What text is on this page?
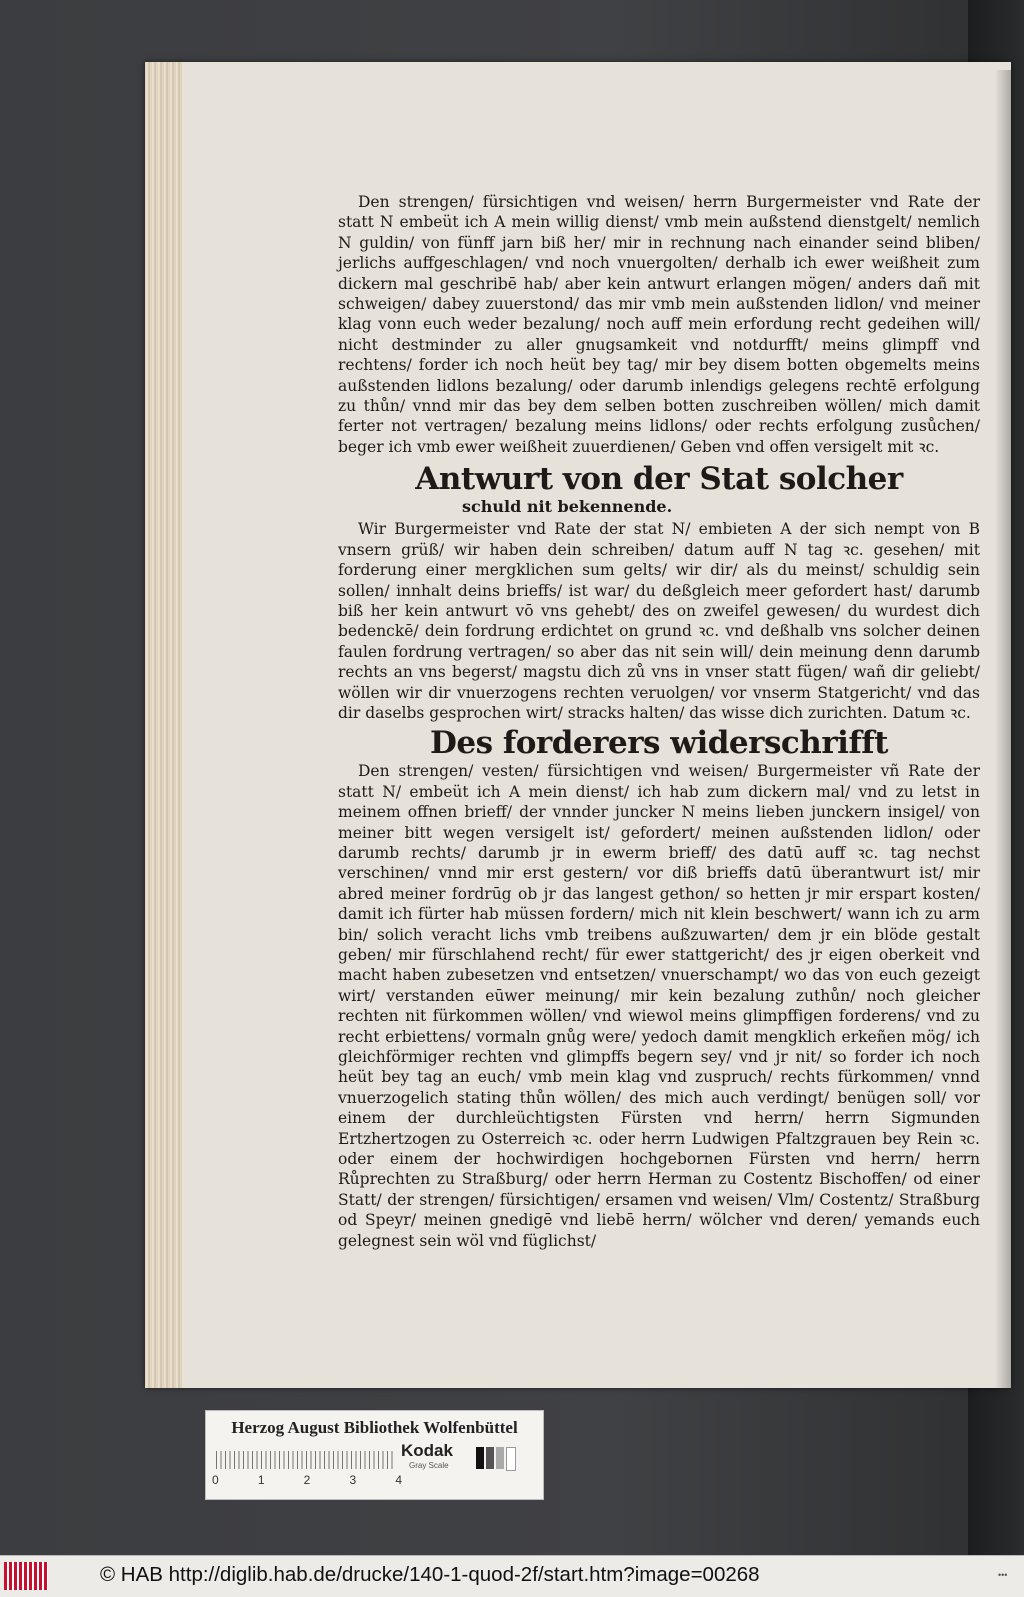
Den strengen/ fürsichtigen vnd weisen/ herrn Burgermeister vnd Rate der statt N embeüt ich A mein willig dienst/ vmb mein außstend dienstgelt/ nemlich N guldin/ von fünff jarn biß her/ mir in rechnung nach einander seind bliben/ jerlichs auffgeschlagen/ vnd noch vnuergolten/ derhalb ich ewer weißheit zum dickern mal geschribē hab/ aber kein antwurt erlangen mögen/ anders dañ mit schweigen/ dabey zuuerstond/ das mir vmb mein außstenden lidlon/ vnd meiner klag vonn euch weder bezalung/ noch auff mein erfordung recht gedeihen will/ nicht destminder zu aller gnugsamkeit vnd notdurfft/ meins glimpff vnd rechtens/ forder ich noch heüt bey tag/ mir bey disem botten obgemelts meins außstenden lidlons bezalung/ oder darumb inlendigs gelegens rechtē erfolgung zu thůn/ vnnd mir das bey dem selben botten zuschreiben wöllen/ mich damit ferter not vertragen/ bezalung meins lidlons/ oder rechts erfolgung zusůchen/ beger ich vmb ewer weißheit zuuerdienen/ Geben vnd offen versigelt mit ꝛc.

Antwurt von der Stat solcher
schuld nit bekennende.

Wir Burgermeister vnd Rate der stat N/ embieten A der sich nempt von B vnsern grüß/ wir haben dein schreiben/ datum auff N tag ꝛc. gesehen/ mit forderung einer mergklichen sum gelts/ wir dir/ als du meinst/ schuldig sein sollen/ innhalt deins brieffs/ ist war/ du deßgleich meer gefordert hast/ darumb biß her kein antwurt vō vns gehebt/ des on zweifel gewesen/ du wurdest dich bedenckē/ dein fordrung erdichtet on grund ꝛc. vnd deßhalb vns solcher deinen faulen fordrung vertragen/ so aber das nit sein will/ dein meinung denn darumb rechts an vns begerst/ magstu dich zů vns in vnser statt fügen/ wañ dir geliebt/ wöllen wir dir vnuerzogens rechten veruolgen/ vor vnserm Statgericht/ vnd das dir daselbs gesprochen wirt/ stracks halten/ das wisse dich zurichten. Datum ꝛc.

Des forderers widerschrifft

Den strengen/ vesten/ fürsichtigen vnd weisen/ Burgermeister vñ Rate der statt N/ embeüt ich A mein dienst/ ich hab zum dickern mal/ vnd zu letst in meinem offnen brieff/ der vnnder juncker N meins lieben junckern insigel/ von meiner bitt wegen versigelt ist/ gefordert/ meinen außstenden lidlon/ oder darumb rechts/ darumb jr in ewerm brieff/ des datū auff ꝛc. tag nechst verschinen/ vnnd mir erst gestern/ vor diß brieffs datū überantwurt ist/ mir abred meiner fordrūg ob jr das langest gethon/ so hetten jr mir erspart kosten/ damit ich fürter hab müssen fordern/ mich nit klein beschwert/ wann ich zu arm bin/ solich veracht lichs vmb treibens außzuwarten/ dem jr ein blöde gestalt geben/ mir fürschlahend recht/ für ewer stattgericht/ des jr eigen oberkeit vnd macht haben zubesetzen vnd entsetzen/ vnuerschampt/ wo das von euch gezeigt wirt/ verstanden eūwer meinung/ mir kein bezalung zuthůn/ noch gleicher rechten nit fürkommen wöllen/ vnd wiewol meins glimpffigen forderens/ vnd zu recht erbiettens/ vormaln gnůg were/ yedoch damit mengklich erkeñen mög/ ich gleichförmiger rechten vnd glimpffs begern sey/ vnd jr nit/ so forder ich noch heüt bey tag an euch/ vmb mein klag vnd zuspruch/ rechts fürkommen/ vnnd vnuerzogelich stating thůn wöllen/ des mich auch verdingt/ benügen soll/ vor einem der durchleüchtigsten Fürsten vnd herrn/ herrn Sigmunden Ertzhertzogen zu Osterreich ꝛc. oder herrn Ludwigen Pfaltzgrauen bey Rein ꝛc. oder einem der hochwirdigen hochgebornen Fürsten vnd herrn/ herrn Růprechten zu Straßburg/ oder herrn Herman zu Costentz Bischoffen/ od einer Statt/ der strengen/ fürsichtigen/ ersamen vnd weisen/ Vlm/ Costentz/ Straßburg od Speyr/ meinen gnedigē vnd liebē herrn/ wölcher vnd deren/ yemands euch gelegnest sein wöl vnd füglichst/

Herzog August Bibliothek Wolfenbüttel
0	1	2	3	4
Kodak
Gray Scale
© HAB http://diglib.hab.de/drucke/140-1-quod-2f/start.htm?image=00268	•••
